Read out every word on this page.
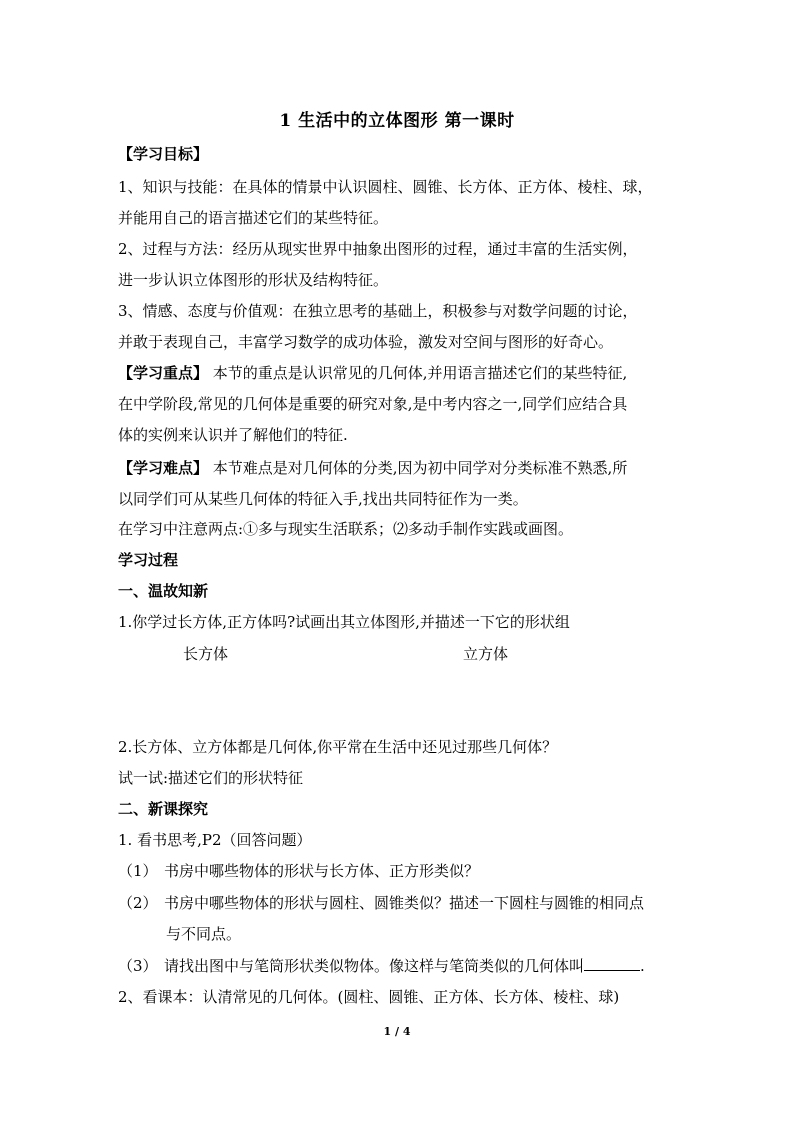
1 生活中的立体图形 第一课时
【学习目标】
1、知识与技能：在具体的情景中认识圆柱、圆锥、长方体、正方体、棱柱、球，
并能用自己的语言描述它们的某些特征。
2、过程与方法：经历从现实世界中抽象出图形的过程，通过丰富的生活实例，
进一步认识立体图形的形状及结构特征。
3、情感、态度与价值观：在独立思考的基础上，积极参与对数学问题的讨论，
并敢于表现自己，丰富学习数学的成功体验，激发对空间与图形的好奇心。
【学习重点】 本节的重点是认识常见的几何体,并用语言描述它们的某些特征,
在中学阶段,常见的几何体是重要的研究对象,是中考内容之一,同学们应结合具
体的实例来认识并了解他们的特征.
【学习难点】 本节难点是对几何体的分类,因为初中同学对分类标准不熟悉,所
以同学们可从某些几何体的特征入手,找出共同特征作为一类。
在学习中注意两点:①多与现实生活联系；⑵多动手制作实践或画图。
学习过程
一、温故知新
1.你学过长方体,正方体吗?试画出其立体图形,并描述一下它的形状组
长方体	立方体
2.长方体、立方体都是几何体,你平常在生活中还见过那些几何体？
试一试:描述它们的形状特征
二、新课探究
1. 看书思考,P2（回答问题）
（1） 书房中哪些物体的形状与长方体、正方形类似？
（2） 书房中哪些物体的形状与圆柱、圆锥类似？描述一下圆柱与圆锥的相同点
与不同点。
（3） 请找出图中与笔筒形状类似物体。像这样与笔筒类似的几何体叫	.
2、看课本：认清常见的几何体。(圆柱、圆锥、正方体、长方体、棱柱、球)
1 / 4
